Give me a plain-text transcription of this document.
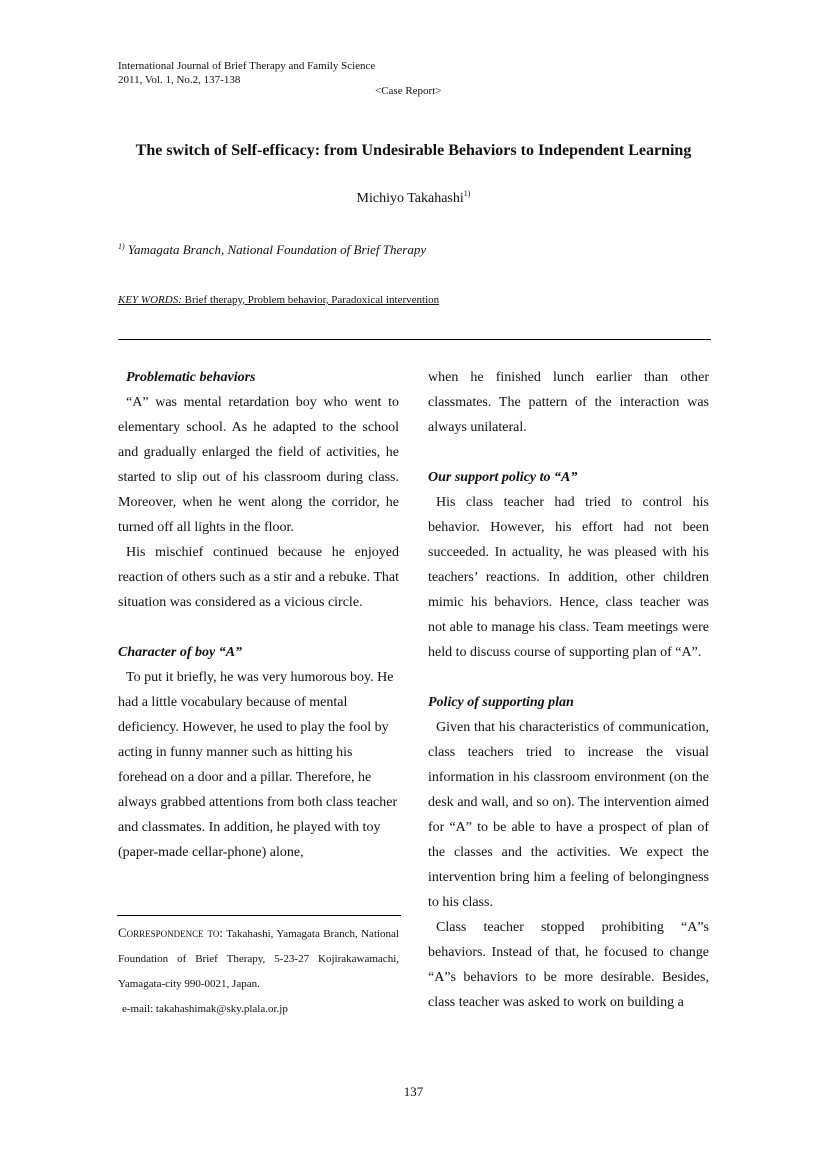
International Journal of Brief Therapy and Family Science
2011, Vol. 1, No.2, 137-138
<Case Report>
The switch of Self-efficacy: from Undesirable Behaviors to Independent Learning
Michiyo Takahashi$^{1)}$
$^{1)}$ Yamagata Branch, National Foundation of Brief Therapy
KEY WORDS: Brief therapy, Problem behavior, Paradoxical intervention
Problematic behaviors

“A” was mental retardation boy who went to elementary school. As he adapted to the school and gradually enlarged the field of activities, he started to slip out of his classroom during class. Moreover, when he went along the corridor, he turned off all lights in the floor.

His mischief continued because he enjoyed reaction of others such as a stir and a rebuke. That situation was considered as a vicious circle.

Character of boy “A”

To put it briefly, he was very humorous boy. He had a little vocabulary because of mental deficiency. However, he used to play the fool by acting in funny manner such as hitting his forehead on a door and a pillar. Therefore, he always grabbed attentions from both class teacher and classmates. In addition, he played with toy (paper-made cellar-phone) alone,

Correspondence to: Takahashi, Yamagata Branch, National Foundation of Brief Therapy, 5-23-27 Kojirakawamachi, Yamagata-city 990-0021, Japan.

e-mail: takahashimak@sky.plala.or.jp

when he finished lunch earlier than other classmates. The pattern of the interaction was always unilateral.

Our support policy to “A”

His class teacher had tried to control his behavior. However, his effort had not been succeeded. In actuality, he was pleased with his teachers’ reactions. In addition, other children mimic his behaviors. Hence, class teacher was not able to manage his class. Team meetings were held to discuss course of supporting plan of “A”.

Policy of supporting plan

Given that his characteristics of communication, class teachers tried to increase the visual information in his classroom environment (on the desk and wall, and so on). The intervention aimed for “A” to be able to have a prospect of plan of the classes and the activities. We expect the intervention bring him a feeling of belongingness to his class.

Class teacher stopped prohibiting “A”s behaviors. Instead of that, he focused to change “A”s behaviors to be more desirable. Besides, class teacher was asked to work on building a

137
